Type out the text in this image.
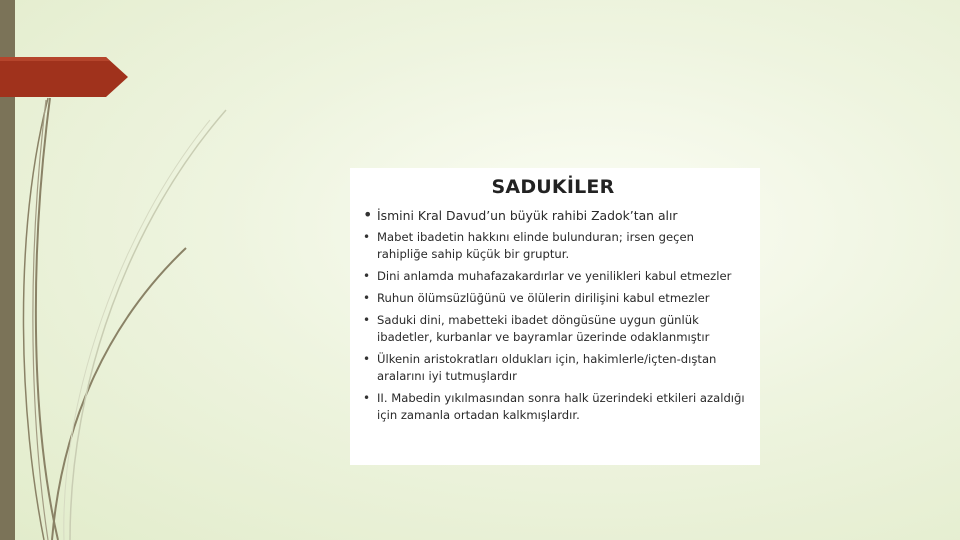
SADUKİLER
• İsmini Kral Davud’un büyük rahibi Zadok’tan alır
• Mabet ibadetin hakkını elinde bulunduran; irsen geçen rahipliğe sahip küçük bir gruptur.
• Dini anlamda muhafazakardırlar ve yenilikleri kabul etmezler
• Ruhun ölümsüzlüğünü ve ölülerin dirilişini kabul etmezler
• Saduki dini, mabetteki ibadet döngüsüne uygun günlük ibadetler, kurbanlar ve bayramlar üzerinde odaklanmıştır
• Ülkenin aristokratları oldukları için, hakimlerle/içten-dıştan aralarını iyi tutmuşlardır
• II. Mabedin yıkılmasından sonra halk üzerindeki etkileri azaldığı için zamanla ortadan kalkmışlardır.
